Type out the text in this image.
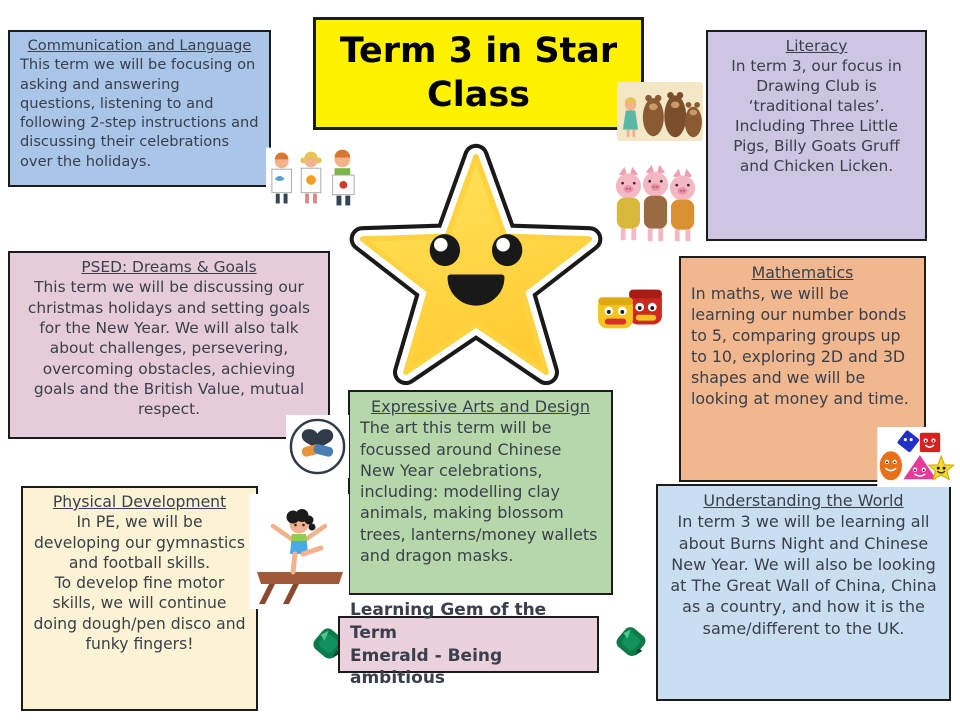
Communication and Language
This term we will be focusing on asking and answering questions, listening to and following 2-step instructions and discussing their celebrations over the holidays.
Term 3 in Star Class
Literacy
In term 3, our focus in Drawing Club is ‘traditional tales’. Including Three Little Pigs, Billy Goats Gruff and Chicken Licken.
PSED: Dreams & Goals
This term we will be discussing our christmas holidays and setting goals for the New Year. We will also talk about challenges, persevering, overcoming obstacles, achieving goals and the British Value, mutual respect.
Mathematics
In maths, we will be learning our number bonds to 5, comparing groups up to 10, exploring 2D and 3D shapes and we will be looking at money and time.
Expressive Arts and Design
The art this term will be focussed around Chinese New Year celebrations, including: modelling clay animals, making blossom trees, lanterns/money wallets and dragon masks.
Physical Development
In PE, we will be developing our gymnastics and football skills.
To develop fine motor skills, we will continue doing dough/pen disco and funky fingers!
Understanding the World
In term 3 we will be learning all about Burns Night and Chinese New Year. We will also be looking at The Great Wall of China, China as a country, and how it is the same/different to the UK.
Learning Gem of the Term
Emerald - Being ambitious
